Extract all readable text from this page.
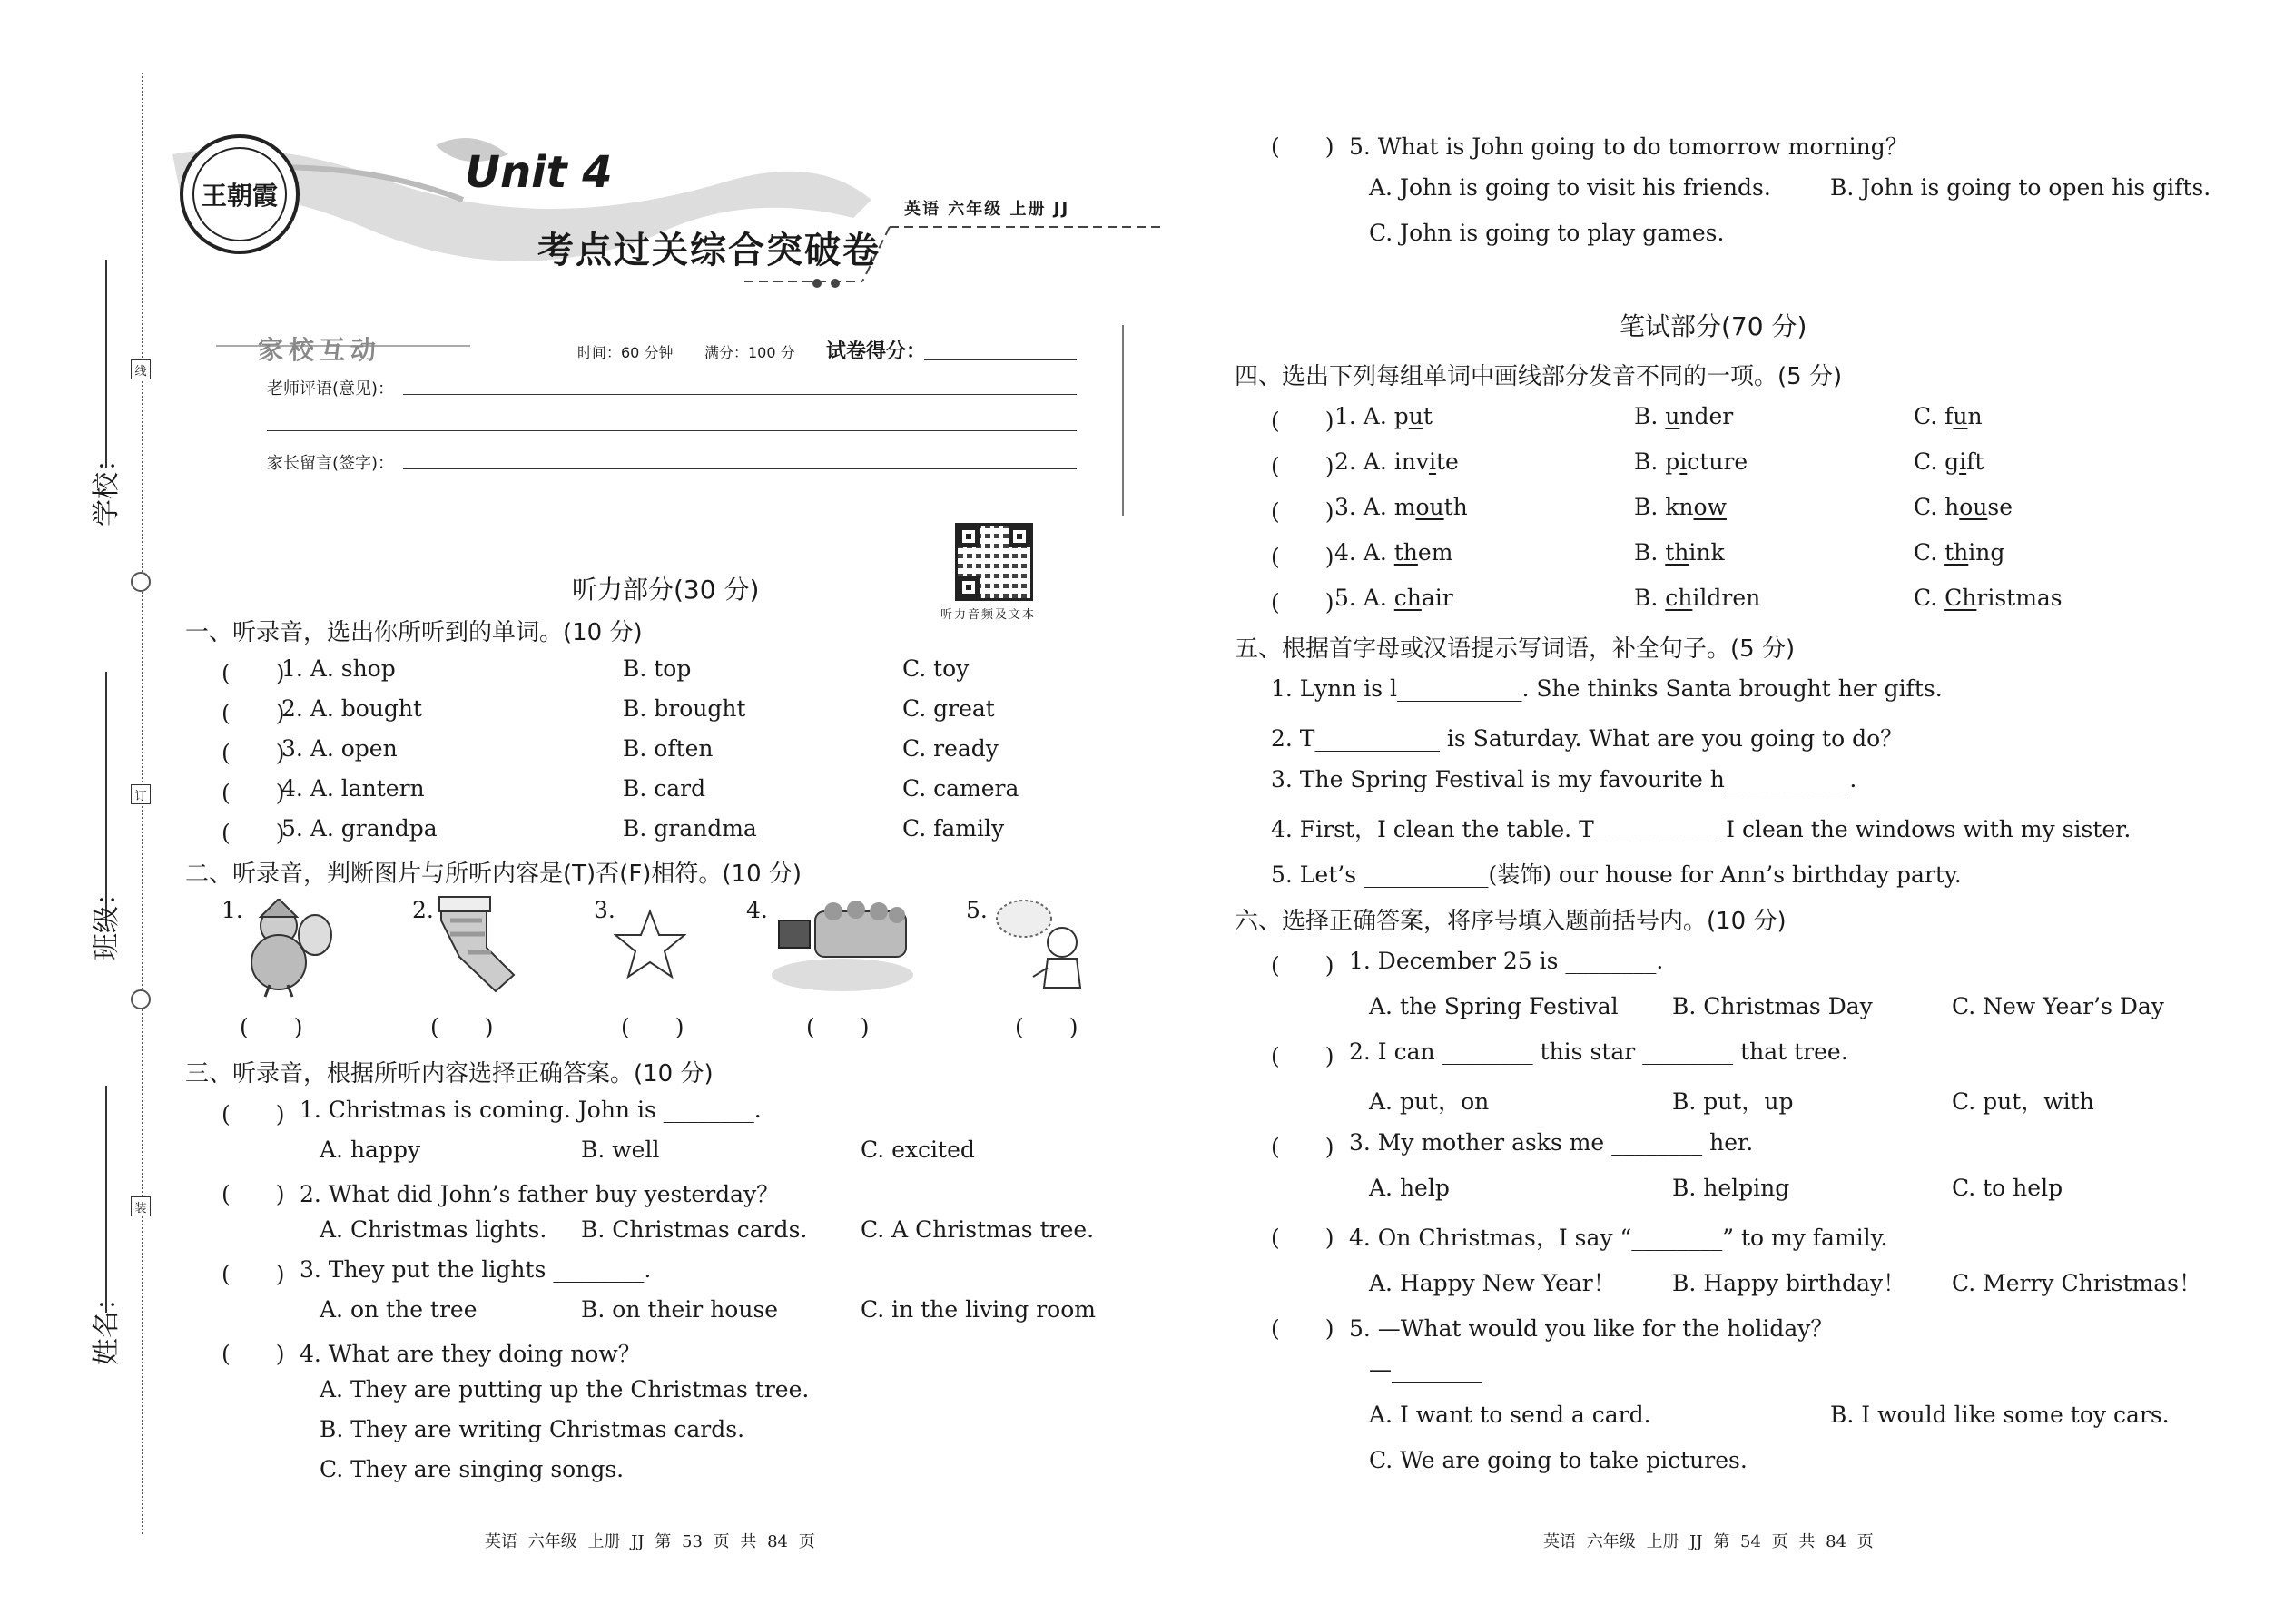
学校：
班级：
姓名：
线
订
装
王朝霞	Unit 4
考点过关综合突破卷
英语 六年级 上册 JJ
家校互动	时间：60 分钟 满分：100 分 试卷得分：
老师评语(意见)：
家长留言(签字)：
听力音频及文本
听力部分(30 分)
一、听录音，选出你所听到的单词。(10 分)
(　　)
1. A. shop	B. top	C. toy
(　　)
2. A. bought	B. brought	C. great
(　　)
3. A. open	B. often	C. ready
(　　)
4. A. lantern	B. card	C. camera
(　　)
5. A. grandpa	B. grandma	C. family
二、听录音，判断图片与所听内容是(T)否(F)相符。(10 分)
1.	2.	3.	4.	5.
(　　)	(　　)	(　　)	(　　)	(　　)
三、听录音，根据所听内容选择正确答案。(10 分)
(　　) 1. Christmas is coming. John is ________.
A. happy	B. well	C. excited
(　　) 2. What did John’s father buy yesterday？
A. Christmas lights. B. Christmas cards. C. A Christmas tree.
(　　) 3. They put the lights ________.
A. on the tree	B. on their house	C. in the living room
(　　) 4. What are they doing now？
A. They are putting up the Christmas tree.
B. They are writing Christmas cards.
C. They are singing songs.
(　　) 5. What is John going to do tomorrow morning？
A. John is going to visit his friends.	B. John is going to open his gifts.
C. John is going to play games.
笔试部分(70 分)
四、选出下列每组单词中画线部分发音不同的一项。(5 分)
(　　) 1. A. put	B. under	C. fun
(　　) 2. A. invite	B. picture	C. gift
(　　) 3. A. mouth	B. know	C. house
(　　) 4. A. them	B. think	C. thing
(　　) 5. A. chair	B. children	C. Christmas
五、根据首字母或汉语提示写词语，补全句子。(5 分)
1. Lynn is l___________. She thinks Santa brought her gifts.
2. T___________ is Saturday. What are you going to do？
3. The Spring Festival is my favourite h___________.
4. First，I clean the table. T___________ I clean the windows with my sister.
5. Let’s ___________(装饰) our house for Ann’s birthday party.
六、选择正确答案，将序号填入题前括号内。(10 分)
(　　) 1. December 25 is ________.
A. the Spring Festival B. Christmas Day	C. New Year’s Day
(　　) 2. I can ________ this star ________ that tree.
A. put，on	B. put，up	C. put，with
(　　) 3. My mother asks me ________ her.
A. help	B. helping	C. to help
(　　) 4. On Christmas，I say “________” to my family.
A. Happy New Year！ B. Happy birthday！ C. Merry Christmas！
(　　) 5. —What would you like for the holiday？
—________
A. I want to send a card.	B. I would like some toy cars.
C. We are going to take pictures.
英语 六年级 上册 JJ 第 53 页 共 84 页	英语 六年级 上册 JJ 第 54 页 共 84 页
